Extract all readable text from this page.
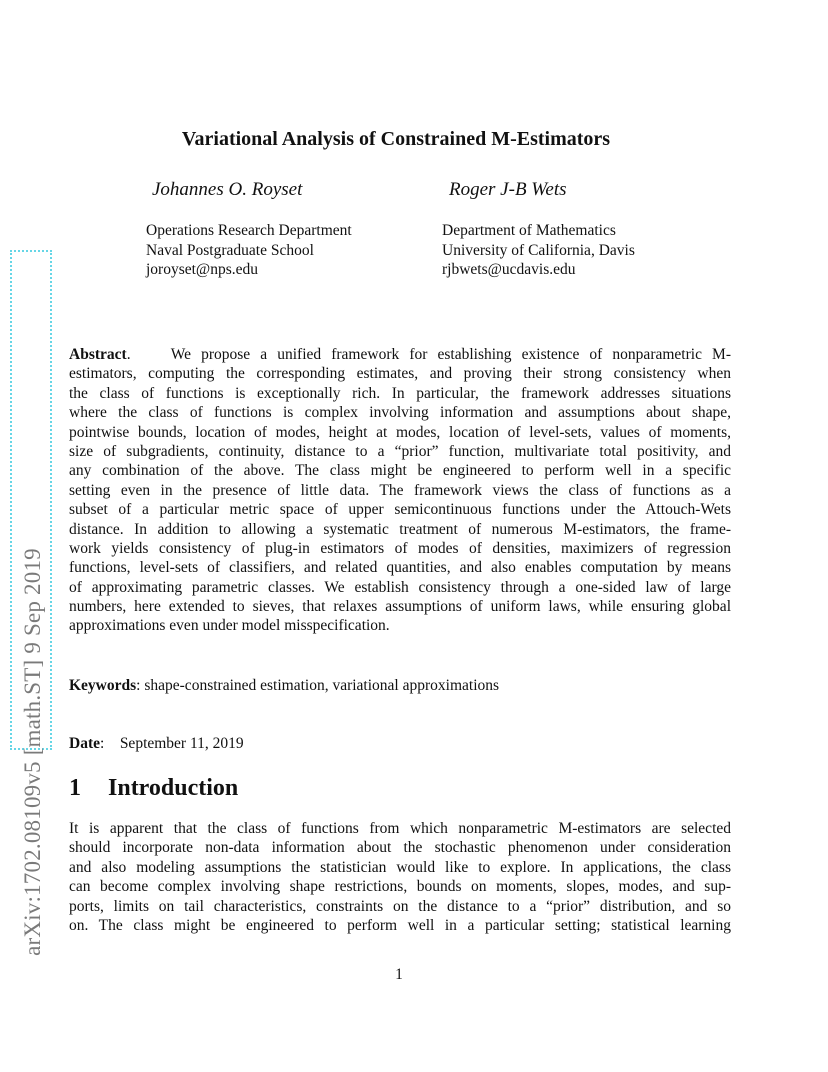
arXiv:1702.08109v5 [math.ST] 9 Sep 2019
Variational Analysis of Constrained M-Estimators
Johannes O. Royset	Roger J-B Wets
Operations Research Department
Naval Postgraduate School
joroyset@nps.edu
Department of Mathematics
University of California, Davis
rjbwets@ucdavis.edu
Abstract.    We propose a unified framework for establishing existence of nonparametric M-
estimators, computing the corresponding estimates, and proving their strong consistency when
the class of functions is exceptionally rich. In particular, the framework addresses situations
where the class of functions is complex involving information and assumptions about shape,
pointwise bounds, location of modes, height at modes, location of level-sets, values of moments,
size of subgradients, continuity, distance to a “prior” function, multivariate total positivity, and
any combination of the above. The class might be engineered to perform well in a specific
setting even in the presence of little data. The framework views the class of functions as a
subset of a particular metric space of upper semicontinuous functions under the Attouch-Wets
distance. In addition to allowing a systematic treatment of numerous M-estimators, the frame-
work yields consistency of plug-in estimators of modes of densities, maximizers of regression
functions, level-sets of classifiers, and related quantities, and also enables computation by means
of approximating parametric classes. We establish consistency through a one-sided law of large
numbers, here extended to sieves, that relaxes assumptions of uniform laws, while ensuring global
approximations even under model misspecification.
Keywords: shape-constrained estimation, variational approximations
Date:    September 11, 2019
1 Introduction
It is apparent that the class of functions from which nonparametric M-estimators are selected
should incorporate non-data information about the stochastic phenomenon under consideration
and also modeling assumptions the statistician would like to explore. In applications, the class
can become complex involving shape restrictions, bounds on moments, slopes, modes, and sup-
ports, limits on tail characteristics, constraints on the distance to a “prior” distribution, and so
on. The class might be engineered to perform well in a particular setting; statistical learning
1
